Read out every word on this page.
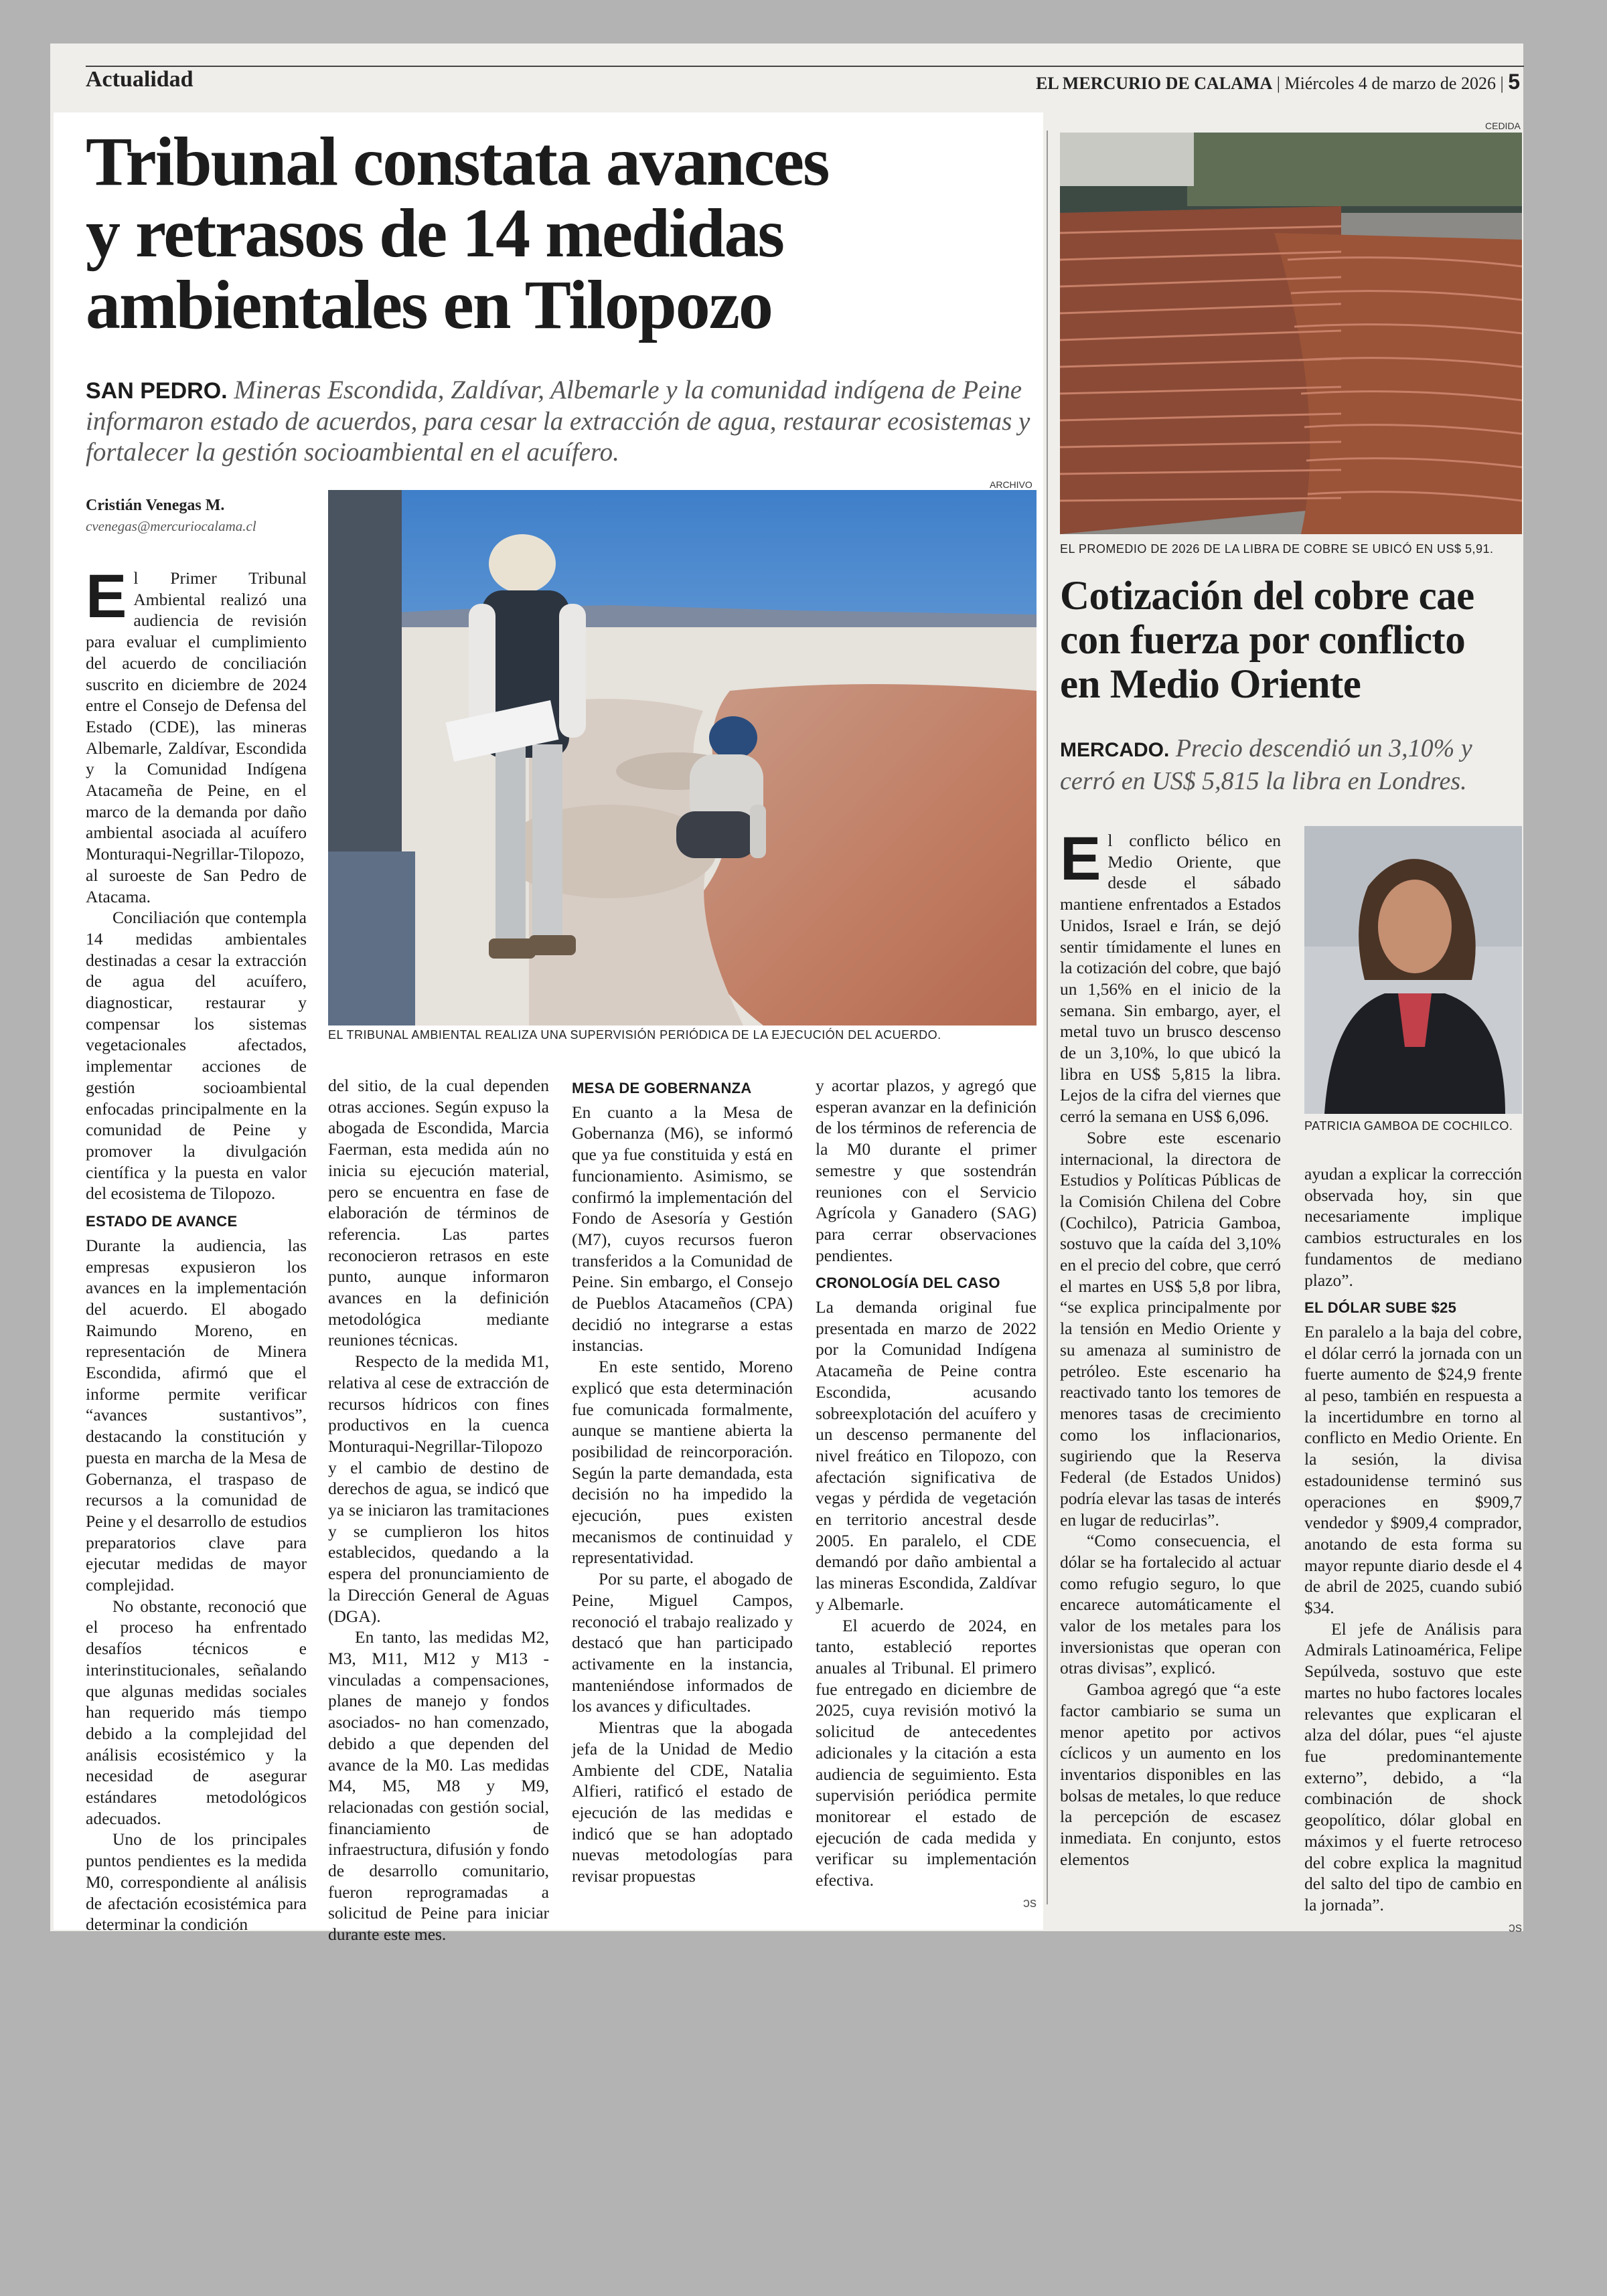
Actualidad	EL MERCURIO DE CALAMA | Miércoles 4 de marzo de 2026 | 5
Tribunal constata avances
y retrasos de 14 medidas
ambientales en Tilopozo
SAN PEDRO. Mineras Escondida, Zaldívar, Albemarle y la comunidad indígena de Peine informaron estado de acuerdos, para cesar la extracción de agua, restaurar ecosistemas y fortalecer la gestión socioambiental en el acuífero.
Cristián Venegas M.
cvenegas@mercuriocalama.cl
ARCHIVO
EL TRIBUNAL AMBIENTAL REALIZA UNA SUPERVISIÓN PERIÓDICA DE LA EJECUCIÓN DEL ACUERDO.
E l Primer Tribunal Ambiental realizó una audiencia de revisión para evaluar el cumplimiento del acuerdo de conciliación suscrito en diciembre de 2024 entre el Consejo de Defensa del Estado (CDE), las mineras Albemarle, Zaldívar, Escondida y la Comunidad Indígena Atacameña de Peine, en el marco de la demanda por daño ambiental asociada al acuífero Monturaqui-Negrillar-Tilopozo, al suroeste de San Pedro de Atacama.

Conciliación que contempla 14 medidas ambientales destinadas a cesar la extracción de agua del acuífero, diagnosticar, restaurar y compensar los sistemas vegetacionales afectados, implementar acciones de gestión socioambiental enfocadas principalmente en la comunidad de Peine y promover la divulgación científica y la puesta en valor del ecosistema de Tilopozo.

ESTADO DE AVANCE

Durante la audiencia, las empresas expusieron los avances en la implementación del acuerdo. El abogado Raimundo Moreno, en representación de Minera Escondida, afirmó que el informe permite verificar “avances sustantivos”, destacando la constitución y puesta en marcha de la Mesa de Gobernanza, el traspaso de recursos a la comunidad de Peine y el desarrollo de estudios preparatorios clave para ejecutar medidas de mayor complejidad.

No obstante, reconoció que el proceso ha enfrentado desafíos técnicos e interinstitucionales, señalando que algunas medidas sociales han requerido más tiempo debido a la complejidad del análisis ecosistémico y la necesidad de asegurar estándares metodológicos adecuados.

Uno de los principales puntos pendientes es la medida M0, correspondiente al análisis de afectación ecosistémica para determinar la condición

del sitio, de la cual dependen otras acciones. Según expuso la abogada de Escondida, Marcia Faerman, esta medida aún no inicia su ejecución material, pero se encuentra en fase de elaboración de términos de referencia. Las partes reconocieron retrasos en este punto, aunque informaron avances en la definición metodológica mediante reuniones técnicas.

Respecto de la medida M1, relativa al cese de extracción de recursos hídricos con fines productivos en la cuenca Monturaqui-Negrillar-Tilopozo y el cambio de destino de derechos de agua, se indicó que ya se iniciaron las tramitaciones y se cumplieron los hitos establecidos, quedando a la espera del pronunciamiento de la Dirección General de Aguas (DGA).

En tanto, las medidas M2, M3, M11, M12 y M13 -vinculadas a compensaciones, planes de manejo y fondos asociados- no han comenzado, debido a que dependen del avance de la M0. Las medidas M4, M5, M8 y M9, relacionadas con gestión social, financiamiento de infraestructura, difusión y fondo de desarrollo comunitario, fueron reprogramadas a solicitud de Peine para iniciar durante este mes.

MESA DE GOBERNANZA

En cuanto a la Mesa de Gobernanza (M6), se informó que ya fue constituida y está en funcionamiento. Asimismo, se confirmó la implementación del Fondo de Asesoría y Gestión (M7), cuyos recursos fueron transferidos a la Comunidad de Peine. Sin embargo, el Consejo de Pueblos Atacameños (CPA) decidió no integrarse a estas instancias.

En este sentido, Moreno explicó que esta determinación fue comunicada formalmente, aunque se mantiene abierta la posibilidad de reincorporación. Según la parte demandada, esta decisión no ha impedido la ejecución, pues existen mecanismos de continuidad y representatividad.

Por su parte, el abogado de Peine, Miguel Campos, reconoció el trabajo realizado y destacó que han participado activamente en la instancia, manteniéndose informados de los avances y dificultades.

Mientras que la abogada jefa de la Unidad de Medio Ambiente del CDE, Natalia Alfieri, ratificó el estado de ejecución de las medidas e indicó que se han adoptado nuevas metodologías para revisar propuestas

y acortar plazos, y agregó que esperan avanzar en la definición de los términos de referencia de la M0 durante el primer semestre y que sostendrán reuniones con el Servicio Agrícola y Ganadero (SAG) para cerrar observaciones pendientes.

CRONOLOGÍA DEL CASO

La demanda original fue presentada en marzo de 2022 por la Comunidad Indígena Atacameña de Peine contra Escondida, acusando sobreexplotación del acuífero y un descenso permanente del nivel freático en Tilopozo, con afectación significativa de vegas y pérdida de vegetación en territorio ancestral desde 2005. En paralelo, el CDE demandó por daño ambiental a las mineras Escondida, Zaldívar y Albemarle.

El acuerdo de 2024, en tanto, estableció reportes anuales al Tribunal. El primero fue entregado en diciembre de 2025, cuya revisión motivó la solicitud de antecedentes adicionales y la citación a esta audiencia de seguimiento. Esta supervisión periódica permite monitorear el estado de ejecución de cada medida y verificar su implementación efectiva.

ↄs

CEDIDA
EL PROMEDIO DE 2026 DE LA LIBRA DE COBRE SE UBICÓ EN US$ 5,91.
Cotización del cobre cae
con fuerza por conflicto
en Medio Oriente
MERCADO. Precio descendió un 3,10% y cerró en US$ 5,815 la libra en Londres.
PATRICIA GAMBOA DE COCHILCO.
E l conflicto bélico en Medio Oriente, que desde el sábado mantiene enfrentados a Estados Unidos, Israel e Irán, se dejó sentir tímidamente el lunes en la cotización del cobre, que bajó un 1,56% en el inicio de la semana. Sin embargo, ayer, el metal tuvo un brusco descenso de un 3,10%, lo que ubicó la libra en US$ 5,815 la libra. Lejos de la cifra del viernes que cerró la semana en US$ 6,096.

Sobre este escenario internacional, la directora de Estudios y Políticas Públicas de la Comisión Chilena del Cobre (Cochilco), Patricia Gamboa, sostuvo que la caída del 3,10% en el precio del cobre, que cerró el martes en US$ 5,8 por libra, “se explica principalmente por la tensión en Medio Oriente y su amenaza al suministro de petróleo. Este escenario ha reactivado tanto los temores de menores tasas de crecimiento como los inflacionarios, sugiriendo que la Reserva Federal (de Estados Unidos) podría elevar las tasas de interés en lugar de reducirlas”.

“Como consecuencia, el dólar se ha fortalecido al actuar como refugio seguro, lo que encarece automáticamente el valor de los metales para los inversionistas que operan con otras divisas”, explicó.

Gamboa agregó que “a este factor cambiario se suma un menor apetito por activos cíclicos y un aumento en los inventarios disponibles en las bolsas de metales, lo que reduce la percepción de escasez inmediata. En conjunto, estos elementos

ayudan a explicar la corrección observada hoy, sin que necesariamente implique cambios estructurales en los fundamentos de mediano plazo”.

EL DÓLAR SUBE $25

En paralelo a la baja del cobre, el dólar cerró la jornada con un fuerte aumento de $24,9 frente al peso, también en respuesta a la incertidumbre en torno al conflicto en Medio Oriente. En la sesión, la divisa estadounidense terminó sus operaciones en $909,7 vendedor y $909,4 comprador, anotando de esta forma su mayor repunte diario desde el 4 de abril de 2025, cuando subió $34.

El jefe de Análisis para Admirals Latinoamérica, Felipe Sepúlveda, sostuvo que este martes no hubo factores locales relevantes que explicaran el alza del dólar, pues “el ajuste fue predominantemente externo”, debido, a “la combinación de shock geopolítico, dólar global en máximos y el fuerte retroceso del cobre explica la magnitud del salto del tipo de cambio en la jornada”.

ↄs
